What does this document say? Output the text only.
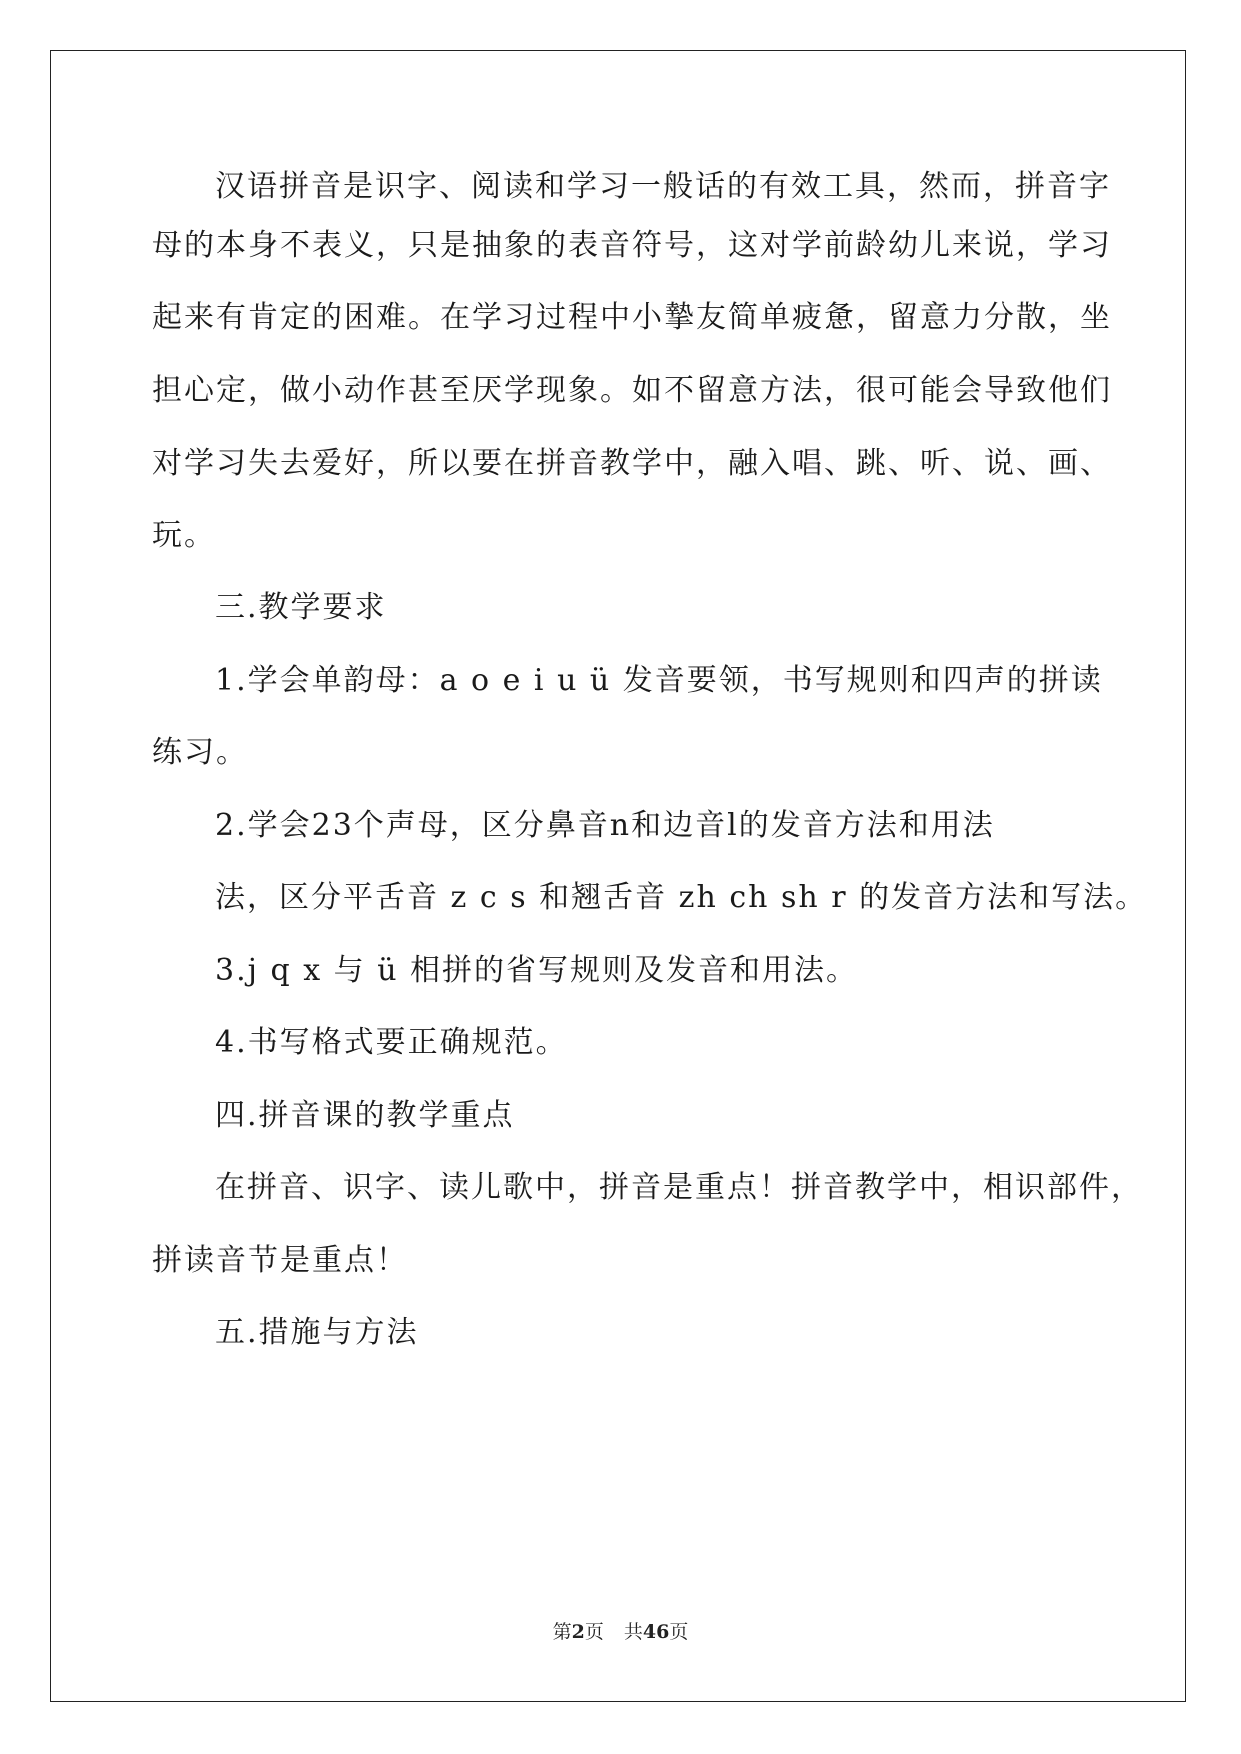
汉语拼音是识字、阅读和学习一般话的有效工具，然而，拼音字
母的本身不表义，只是抽象的表音符号，这对学前龄幼儿来说，学习
起来有肯定的困难。在学习过程中小摯友简单疲惫，留意力分散，坐
担心定，做小动作甚至厌学现象。如不留意方法，很可能会导致他们
对学习失去爱好，所以要在拼音教学中，融入唱、跳、听、说、画、
玩。
三.教学要求
1.学会单韵母：a o e i u ü 发音要领，书写规则和四声的拼读
练习。
2.学会23个声母，区分鼻音n和边音l的发音方法和用法
法，区分平舌音 z c s 和翘舌音 zh ch sh r 的发音方法和写法。
3.j q x 与 ü 相拼的省写规则及发音和用法。
4.书写格式要正确规范。
四.拼音课的教学重点
在拼音、识字、读儿歌中，拼音是重点！拼音教学中，相识部件，
拼读音节是重点！
五.措施与方法
第2页 共46页
